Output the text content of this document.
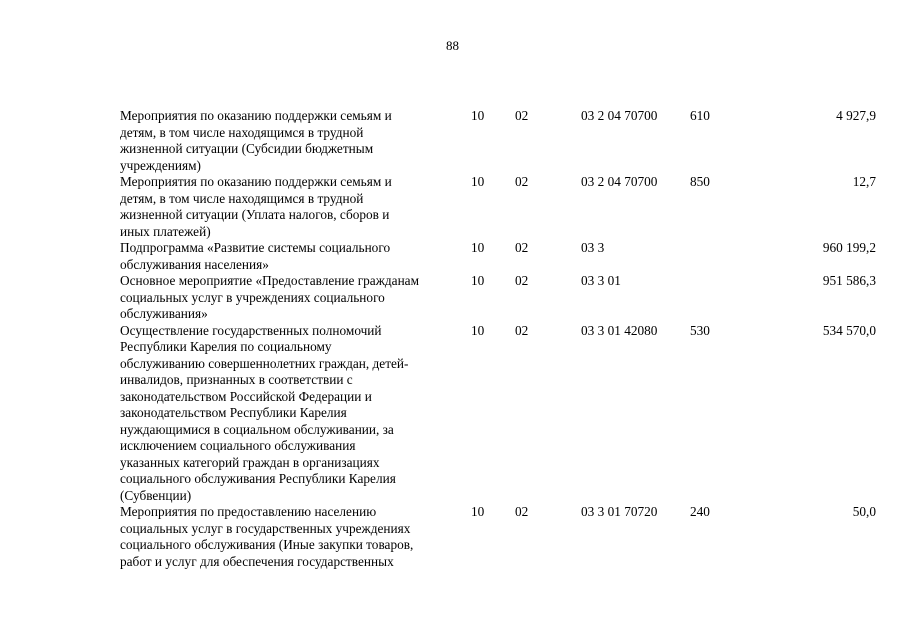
88
Мероприятия по оказанию поддержки семьям и
детям, в том числе находящимся в трудной
жизненной ситуации (Субсидии бюджетным
учреждениям)
10 02	03 2 04 70700 610	4 927,9
Мероприятия по оказанию поддержки семьям и
детям, в том числе находящимся в трудной
жизненной ситуации (Уплата налогов, сборов и
иных платежей)
10 02	03 2 04 70700 850	12,7
Подпрограмма «Развитие системы социального
обслуживания населения»
10 02	03 3	960 199,2
Основное мероприятие «Предоставление гражданам
социальных услуг в учреждениях социального
обслуживания»
10 02	03 3 01	951 586,3
Осуществление государственных полномочий
Республики Карелия по социальному
обслуживанию совершеннолетних граждан, детей-
инвалидов, признанных в соответствии с
законодательством Российской Федерации и
законодательством Республики Карелия
нуждающимися в социальном обслуживании, за
исключением социального обслуживания
указанных категорий граждан в организациях
социального обслуживания Республики Карелия
(Субвенции)
10 02	03 3 01 42080 530	534 570,0
Мероприятия по предоставлению населению
социальных услуг в государственных учреждениях
социального обслуживания (Иные закупки товаров,
работ и услуг для обеспечения государственных
10 02	03 3 01 70720 240	50,0
